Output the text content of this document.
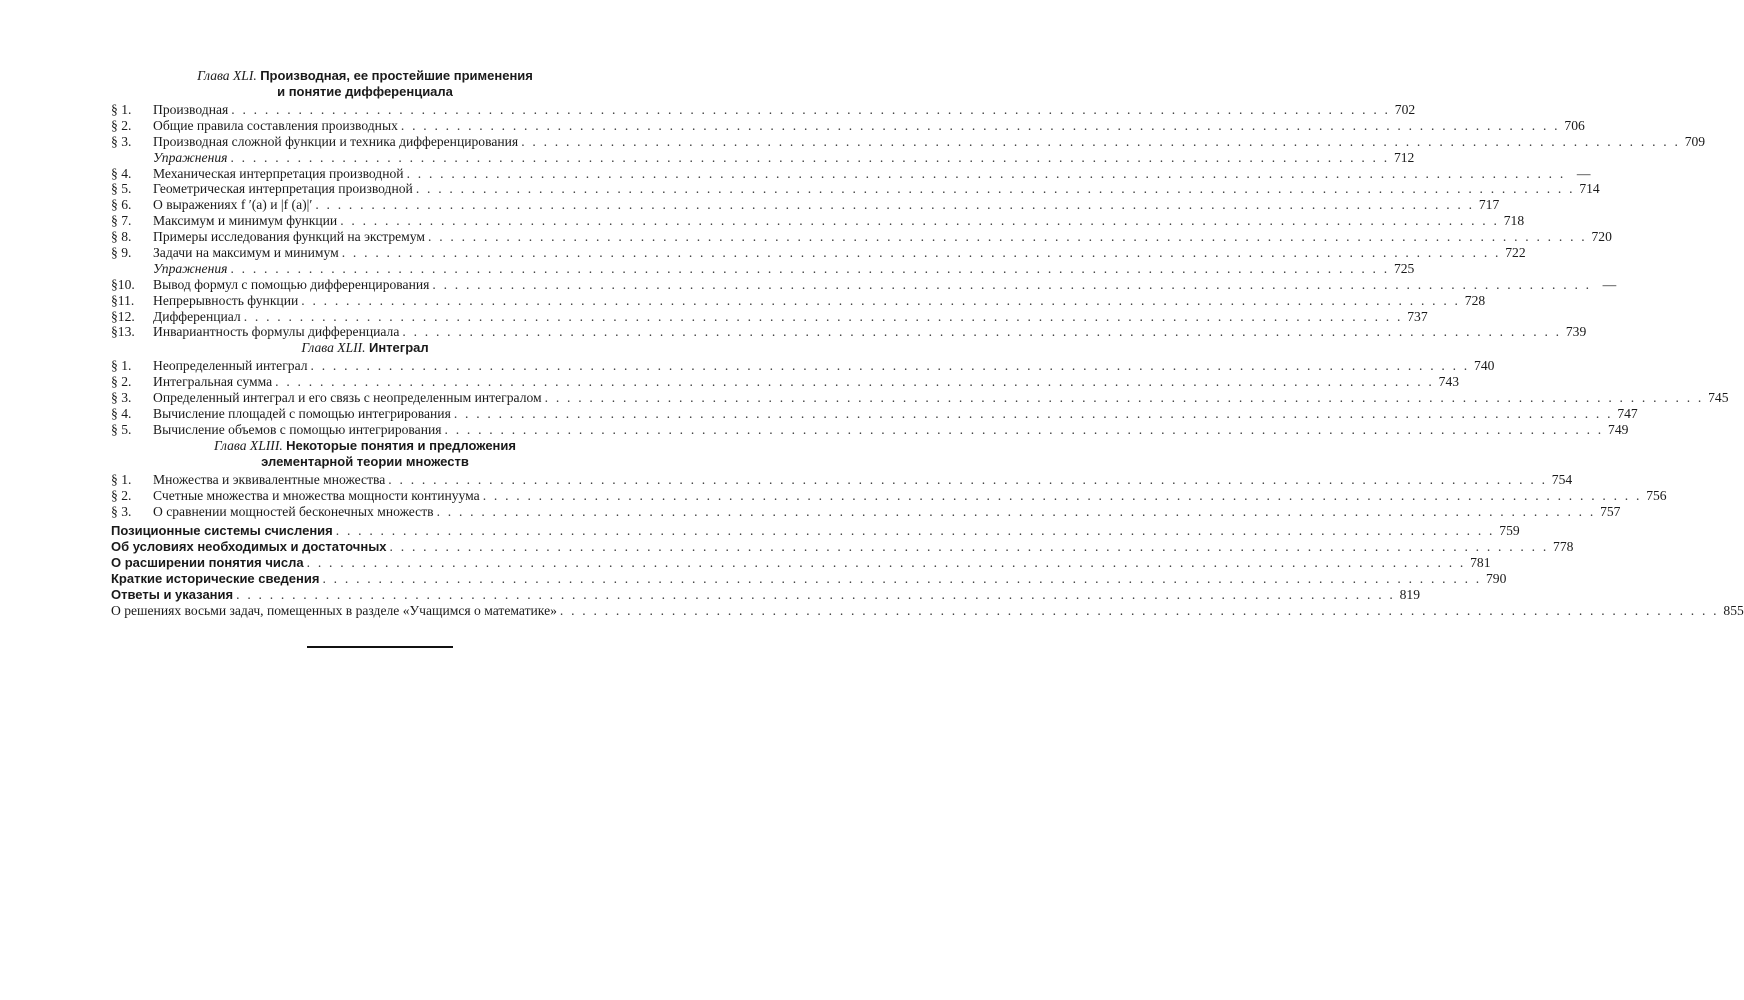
Глава XLI. Производная, ее простейшие применения
и понятие дифференциала
§ 1.	Производная . . .	702
§ 2.	Общие правила составления производных . . .	706
§ 3.	Производная сложной функции и техника дифференцирования . . .	709
Упражнения . . .	712
§ 4.	Механическая интерпретация производной . . .	—
§ 5.	Геометрическая интерпретация производной . . .	714
§ 6.	О выражениях f ′(a) и |f (a)|′ . . .	717
§ 7.	Максимум и минимум функции . . .	718
§ 8.	Примеры исследования функций на экстремум . . .	720
§ 9.	Задачи на максимум и минимум . . .	722
Упражнения . . .	725
§10.	Вывод формул с помощью дифференцирования . . .	—
§11.	Непрерывность функции . . .	728
§12.	Дифференциал . . .	737
§13.	Инвариантность формулы дифференциала . . .	739
Глава XLII. Интеграл
§ 1.	Неопределенный интеграл . . .	740
§ 2.	Интегральная сумма . . .	743
§ 3.	Определенный интеграл и его связь с неопределенным интегралом . . .	745
§ 4.	Вычисление площадей с помощью интегрирования . . .	747
§ 5.	Вычисление объемов с помощью интегрирования . . .	749
Глава XLIII. Некоторые понятия и предложения
элементарной теории множеств
§ 1.	Множества и эквивалентные множества . . .	754
§ 2.	Счетные множества и множества мощности континуума . . .	756
§ 3.	О сравнении мощностей бесконечных множеств . . .	757
Позиционные системы счисления . . .	759
Об условиях необходимых и достаточных . . .	778
О расширении понятия числа . . .	781
Краткие исторические сведения . . .	790
Ответы и указания . . .	819
О решениях восьми задач, помещенных в разделе «Учащимся о математике» . . .	855
